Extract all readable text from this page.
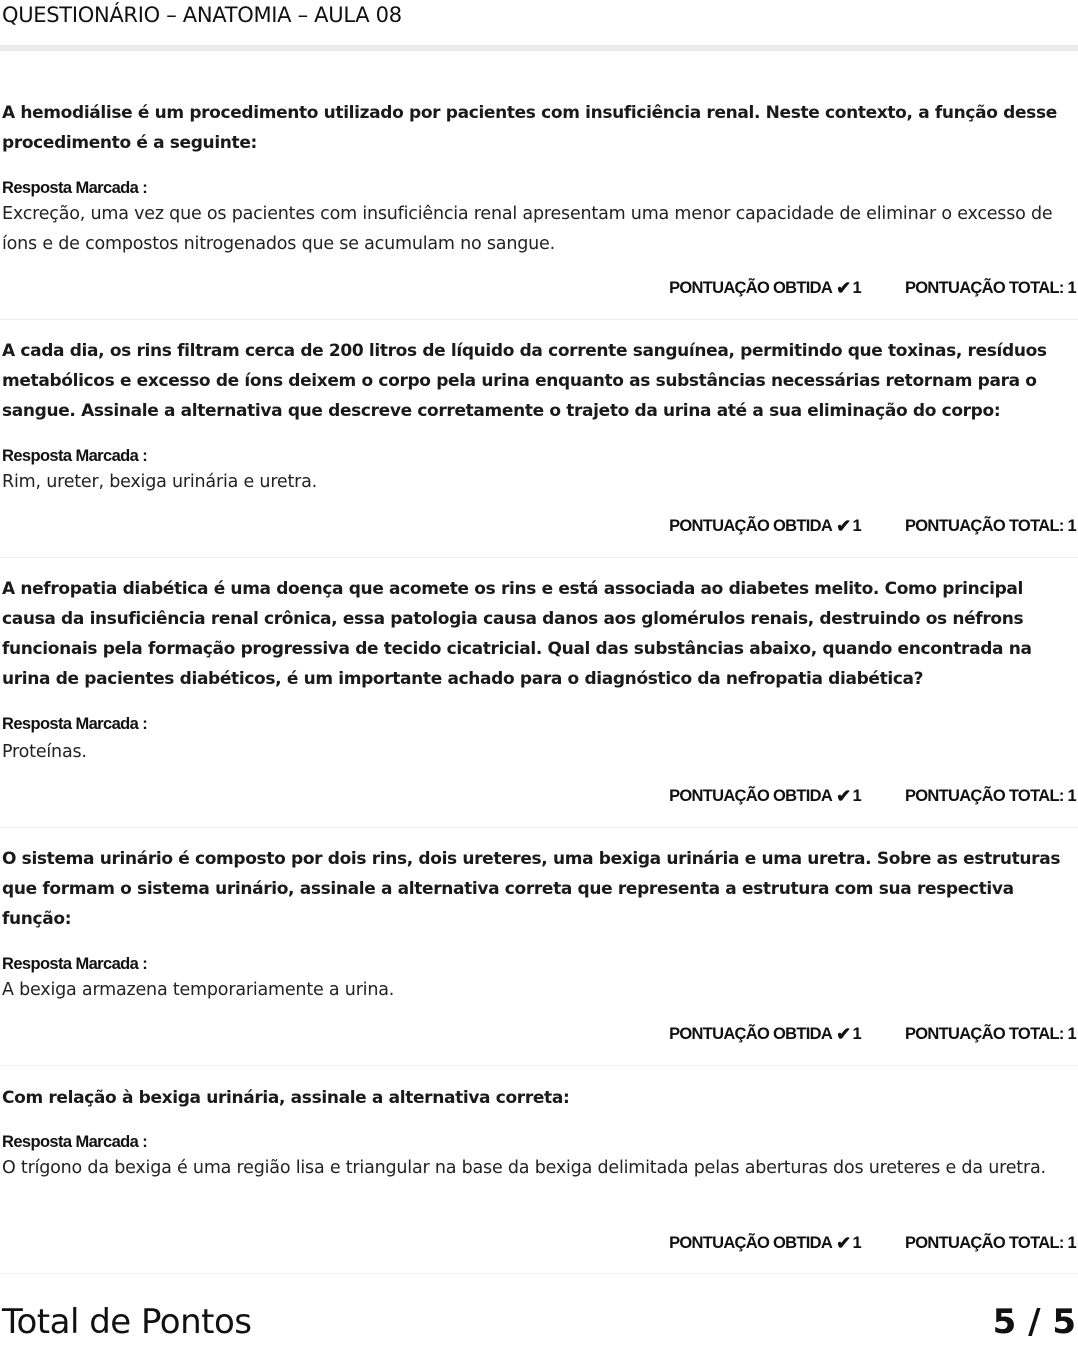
QUESTIONÁRIO – ANATOMIA – AULA 08

A hemodiálise é um procedimento utilizado por pacientes com insuficiência renal. Neste contexto, a função desse procedimento é a seguinte:

Resposta Marcada :

Excreção, uma vez que os pacientes com insuficiência renal apresentam uma menor capacidade de eliminar o excesso de íons e de compostos nitrogenados que se acumulam no sangue.

PONTUAÇÃO OBTIDA ✔ 1	PONTUAÇÃO TOTAL: 1

A cada dia, os rins filtram cerca de 200 litros de líquido da corrente sanguínea, permitindo que toxinas, resíduos metabólicos e excesso de íons deixem o corpo pela urina enquanto as substâncias necessárias retornam para o sangue. Assinale a alternativa que descreve corretamente o trajeto da urina até a sua eliminação do corpo:

Resposta Marcada :

Rim, ureter, bexiga urinária e uretra.

PONTUAÇÃO OBTIDA ✔ 1	PONTUAÇÃO TOTAL: 1

A nefropatia diabética é uma doença que acomete os rins e está associada ao diabetes melito. Como principal causa da insuficiência renal crônica, essa patologia causa danos aos glomérulos renais, destruindo os néfrons funcionais pela formação progressiva de tecido cicatricial. Qual das substâncias abaixo, quando encontrada na urina de pacientes diabéticos, é um importante achado para o diagnóstico da nefropatia diabética?

Resposta Marcada :

Proteínas.

PONTUAÇÃO OBTIDA ✔ 1	PONTUAÇÃO TOTAL: 1

O sistema urinário é composto por dois rins, dois ureteres, uma bexiga urinária e uma uretra. Sobre as estruturas que formam o sistema urinário, assinale a alternativa correta que representa a estrutura com sua respectiva função:

Resposta Marcada :

A bexiga armazena temporariamente a urina.

PONTUAÇÃO OBTIDA ✔ 1	PONTUAÇÃO TOTAL: 1

Com relação à bexiga urinária, assinale a alternativa correta:

Resposta Marcada :

O trígono da bexiga é uma região lisa e triangular na base da bexiga delimitada pelas aberturas dos ureteres e da uretra.

PONTUAÇÃO OBTIDA ✔ 1	PONTUAÇÃO TOTAL: 1
Total de Pontos	5 / 5
